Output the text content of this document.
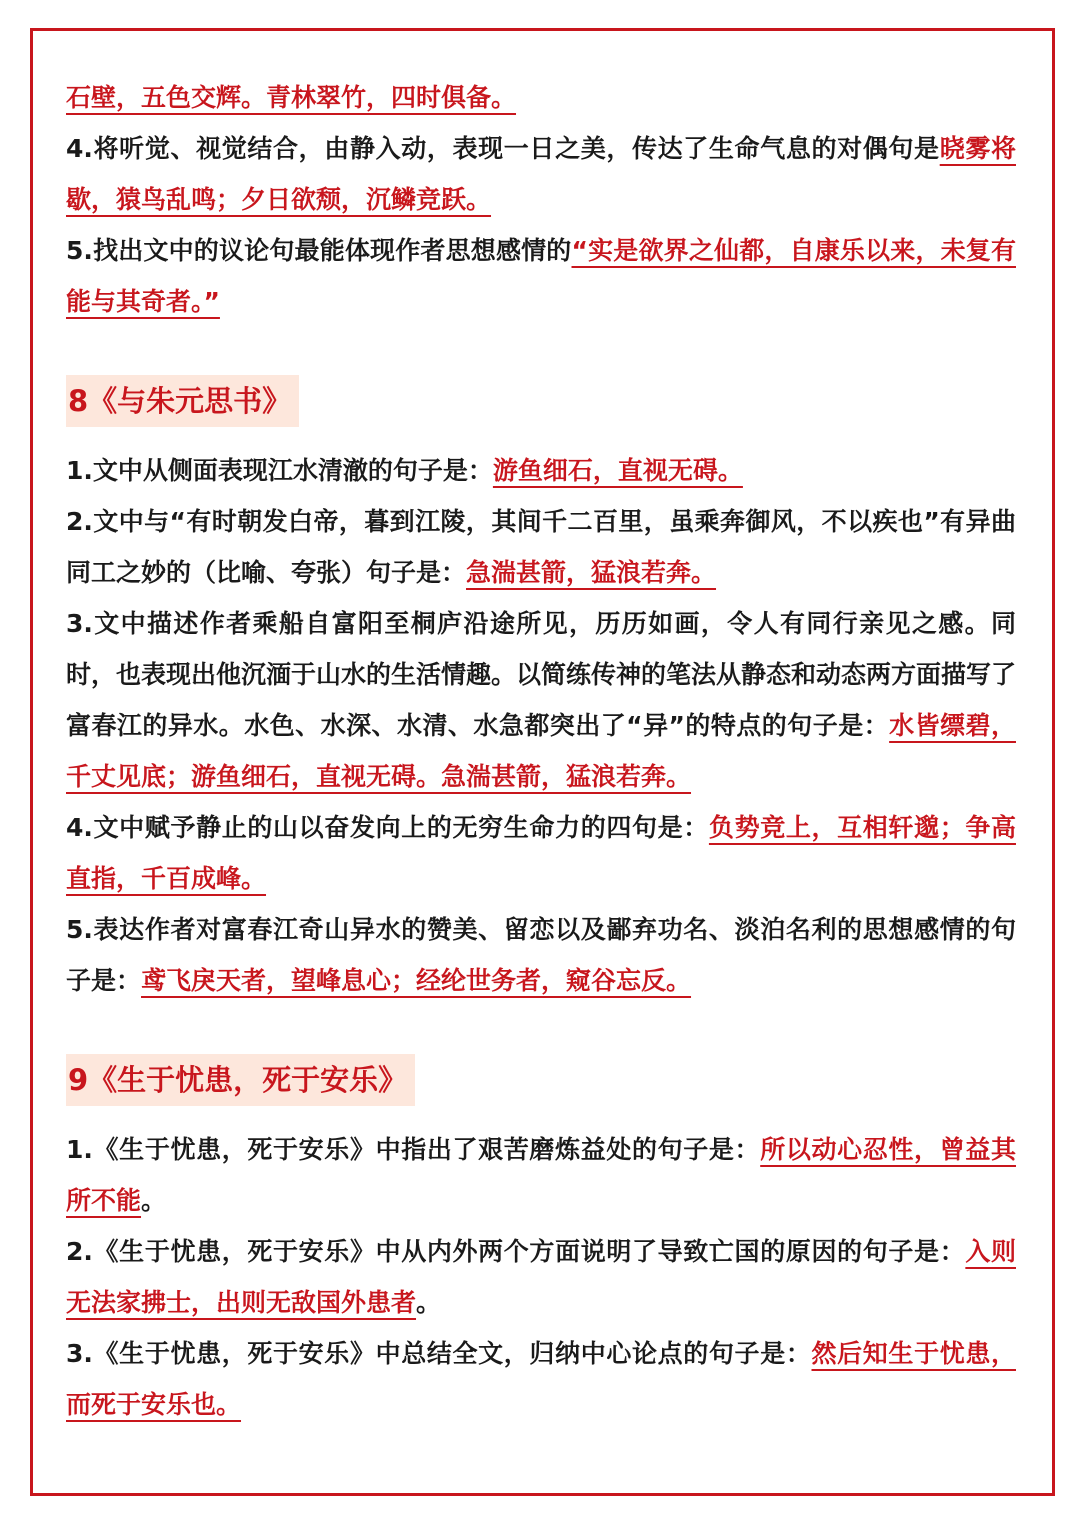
石壁，五色交辉。青林翠竹，四时俱备。

4.将听觉、视觉结合，由静入动，表现一日之美，传达了生命气息的对偶句是晓雾将歇，猿鸟乱鸣；夕日欲颓，沉鳞竞跃。

5.找出文中的议论句最能体现作者思想感情的“实是欲界之仙都，自康乐以来，未复有能与其奇者。”

8《与朱元思书》

1.文中从侧面表现江水清澈的句子是：游鱼细石，直视无碍。

2.文中与“有时朝发白帝，暮到江陵，其间千二百里，虽乘奔御风，不以疾也”有异曲同工之妙的（比喻、夸张）句子是：急湍甚箭，猛浪若奔。

3.文中描述作者乘船自富阳至桐庐沿途所见，历历如画，令人有同行亲见之感。同时，也表现出他沉湎于山水的生活情趣。以简练传神的笔法从静态和动态两方面描写了富春江的异水。水色、水深、水清、水急都突出了“异”的特点的句子是：水皆缥碧，千丈见底；游鱼细石，直视无碍。急湍甚箭，猛浪若奔。

4.文中赋予静止的山以奋发向上的无穷生命力的四句是：负势竞上，互相轩邈；争高直指，千百成峰。

5.表达作者对富春江奇山异水的赞美、留恋以及鄙弃功名、淡泊名利的思想感情的句子是：鸢飞戾天者，望峰息心；经纶世务者，窥谷忘反。

9《生于忧患，死于安乐》

1.《生于忧患，死于安乐》中指出了艰苦磨炼益处的句子是：所以动心忍性，曾益其所不能。

2.《生于忧患，死于安乐》中从内外两个方面说明了导致亡国的原因的句子是：入则无法家拂士，出则无敌国外患者。

3.《生于忧患，死于安乐》中总结全文，归纳中心论点的句子是：然后知生于忧患，而死于安乐也。
